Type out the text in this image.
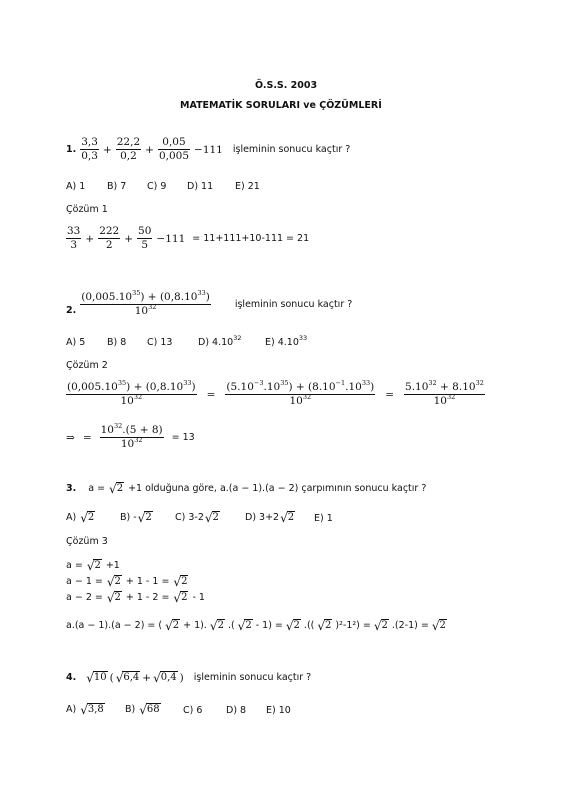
Ö.S.S. 2003
MATEMATİK SORULARI ve ÇÖZÜMLERİ
1. $\frac{3,3}{0,3} + \frac{22,2}{0,2} + \frac{0,05}{0,005} -111$ işleminin sonucu kaçtır ?
A) 1 B) 7 C) 9 D) 11 E) 21
Çözüm 1
$\frac{33}{3} + \frac{222}{2} + \frac{50}{5} -111 = 11+111+10-111 = 21$
2. $\frac{(0,005.10^{35}) + (0,8.10^{33})}{10^{32}}$	işleminin sonucu kaçtır ?
A) 5 B) 8 C) 13	D) 4.10$^{32}$ E) 4.10$^{33}$
Çözüm 2
$\frac{(0,005.10^{35}) + (0,8.10^{33})}{10^{32}} = \frac{(5.10^{-3}.10^{35}) + (8.10^{-1}.10^{33})}{10^{32}} = \frac{5.10^{32} + 8.10^{32}}{10^{32}}$
⇒ = $\frac{10^{32}.(5 + 8)}{10^{32}} = 13$
3. a = √ 2 +1 olduğuna göre, a.(a − 1).(a − 2) çarpımının sonucu kaçtır ?
A) √ 2	B) - √ 2 C) 3-2 √ 2	D) 3+2 √ 2 E) 1
Çözüm 3
a = √ 2 +1
a − 1 = √ 2 + 1 - 1 = √ 2
a − 2 = √ 2 + 1 - 2 = √ 2 - 1
a.(a − 1).(a − 2) = ( √ 2 + 1). √ 2 .( √ 2 - 1) = √ 2 .(( √ 2 )²-1²) = √ 2 .(2-1) = √ 2
4. √ 10 ( √ 6,4 + √ 0,4 ) işleminin sonucu kaçtır ?
A) √ 3,8 B) √ 68 C) 6 D) 8 E) 10
